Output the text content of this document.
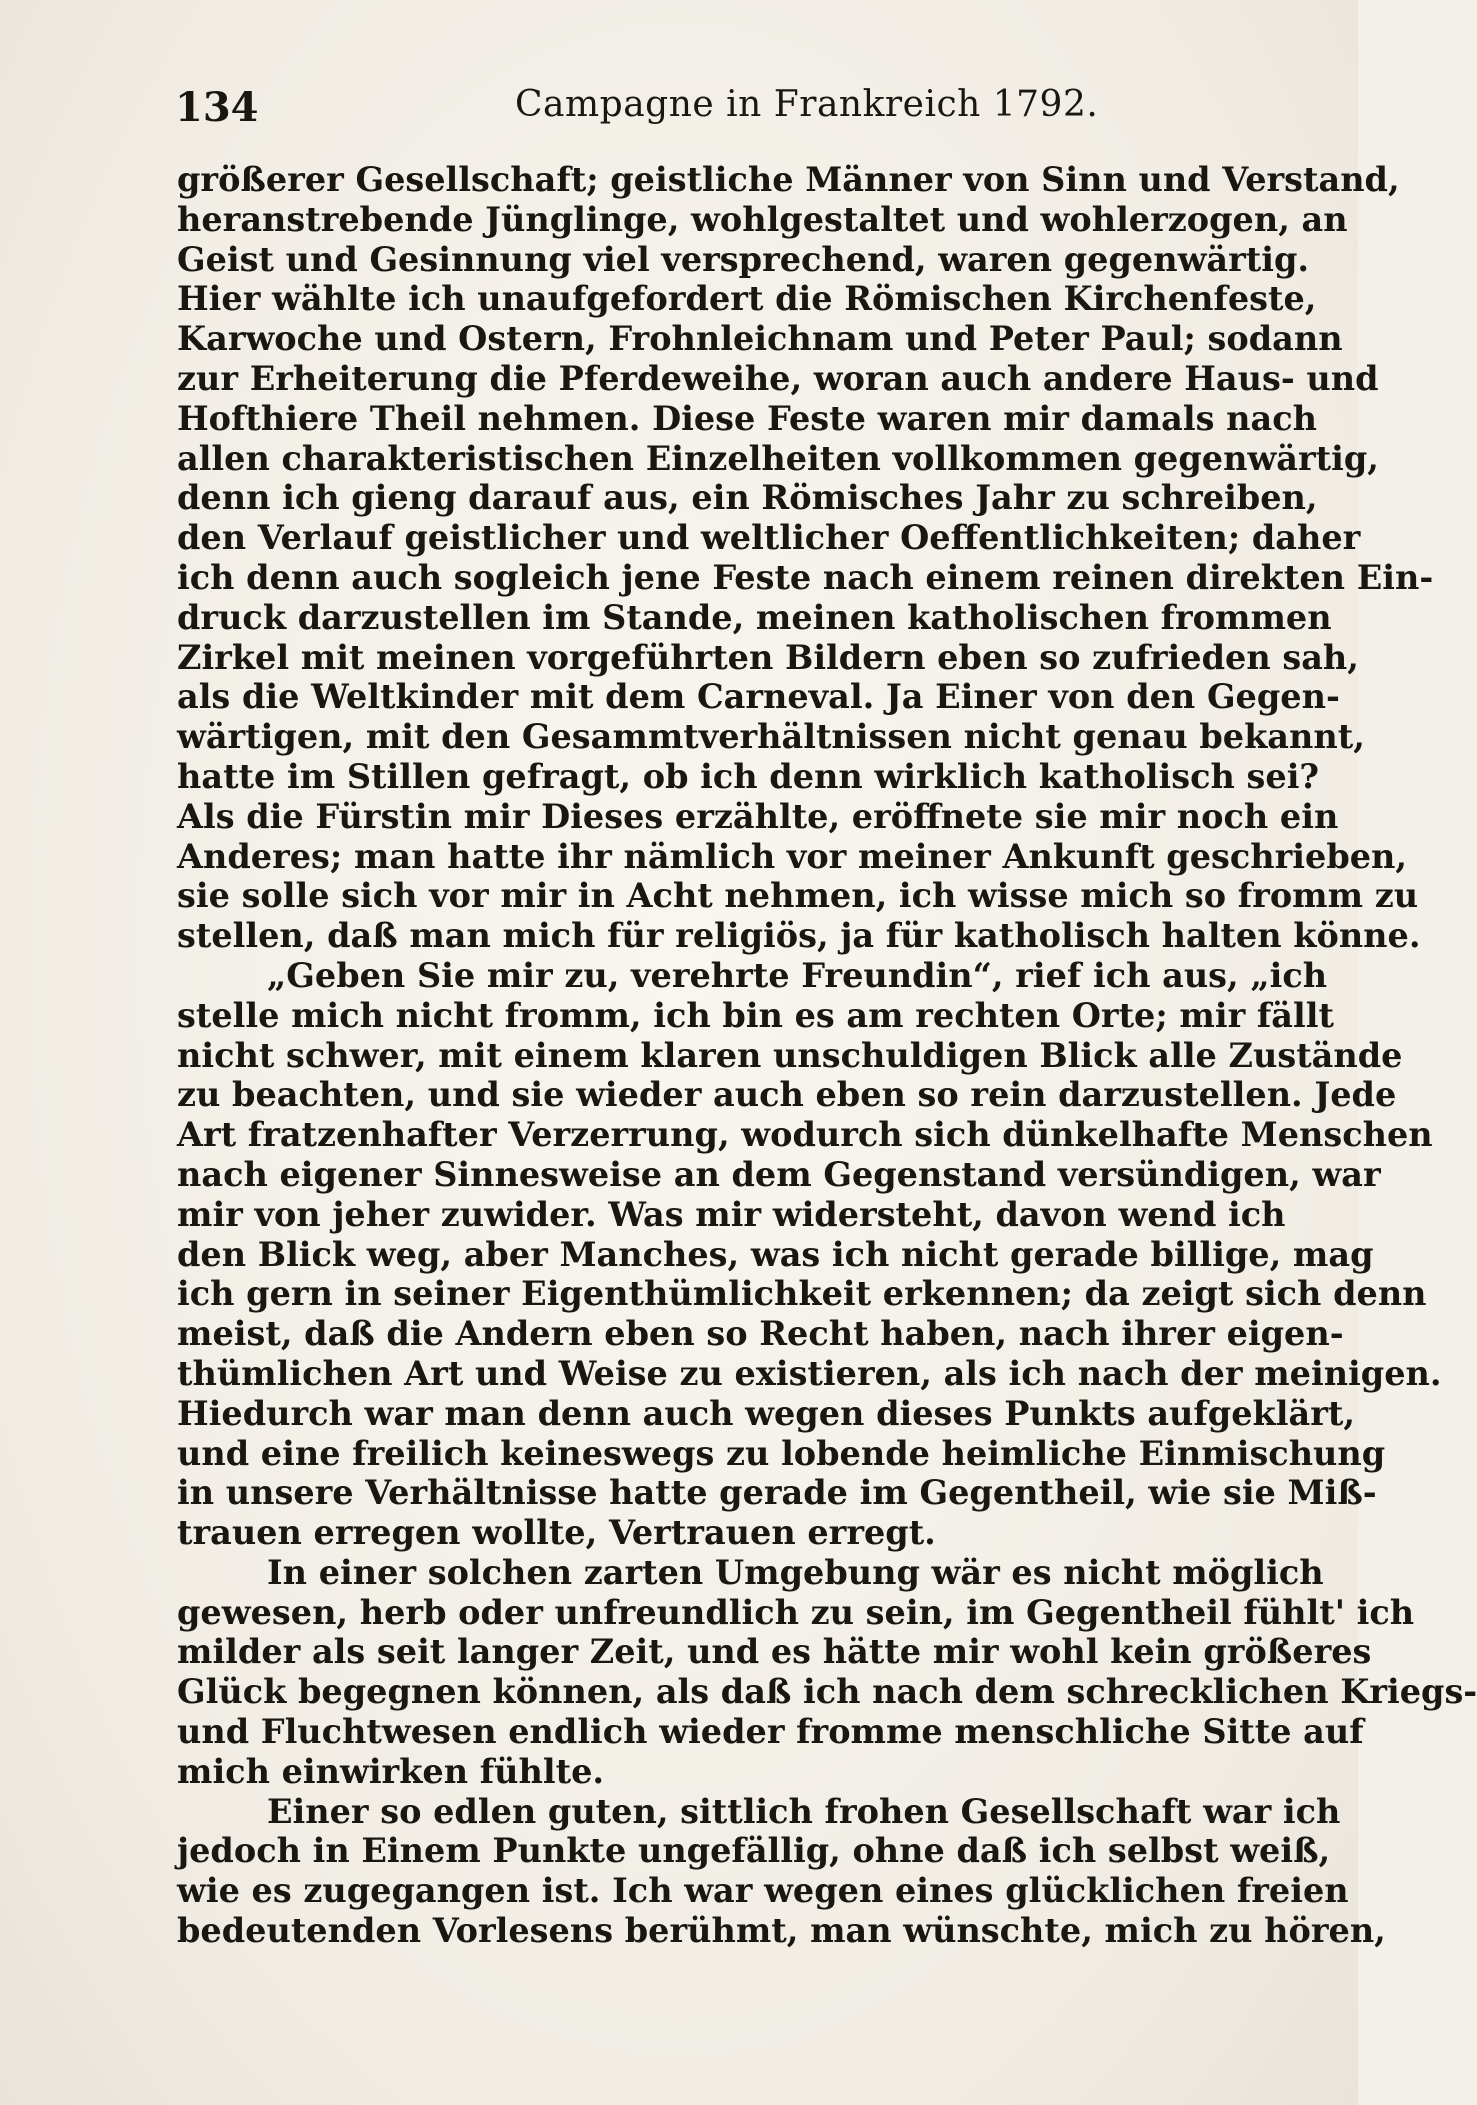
134	Campagne in Frankreich 1792.
größerer Gesellschaft; geistliche Männer von Sinn und Verstand,
heranstrebende Jünglinge, wohlgestaltet und wohlerzogen, an
Geist und Gesinnung viel versprechend, waren gegenwärtig.
Hier wählte ich unaufgefordert die Römischen Kirchenfeste,
Karwoche und Ostern, Frohnleichnam und Peter Paul; sodann
zur Erheiterung die Pferdeweihe, woran auch andere Haus- und
Hofthiere Theil nehmen. Diese Feste waren mir damals nach
allen charakteristischen Einzelheiten vollkommen gegenwärtig,
denn ich gieng darauf aus, ein Römisches Jahr zu schreiben,
den Verlauf geistlicher und weltlicher Oeffentlichkeiten; daher
ich denn auch sogleich jene Feste nach einem reinen direkten Ein-
druck darzustellen im Stande, meinen katholischen frommen
Zirkel mit meinen vorgeführten Bildern eben so zufrieden sah,
als die Weltkinder mit dem Carneval. Ja Einer von den Gegen-
wärtigen, mit den Gesammtverhältnissen nicht genau bekannt,
hatte im Stillen gefragt, ob ich denn wirklich katholisch sei?
Als die Fürstin mir Dieses erzählte, eröffnete sie mir noch ein
Anderes; man hatte ihr nämlich vor meiner Ankunft geschrieben,
sie solle sich vor mir in Acht nehmen, ich wisse mich so fromm zu
stellen, daß man mich für religiös, ja für katholisch halten könne.
„Geben Sie mir zu, verehrte Freundin“, rief ich aus, „ich
stelle mich nicht fromm, ich bin es am rechten Orte; mir fällt
nicht schwer, mit einem klaren unschuldigen Blick alle Zustände
zu beachten, und sie wieder auch eben so rein darzustellen. Jede
Art fratzenhafter Verzerrung, wodurch sich dünkelhafte Menschen
nach eigener Sinnesweise an dem Gegenstand versündigen, war
mir von jeher zuwider. Was mir widersteht, davon wend ich
den Blick weg, aber Manches, was ich nicht gerade billige, mag
ich gern in seiner Eigenthümlichkeit erkennen; da zeigt sich denn
meist, daß die Andern eben so Recht haben, nach ihrer eigen-
thümlichen Art und Weise zu existieren, als ich nach der meinigen.
Hiedurch war man denn auch wegen dieses Punkts aufgeklärt,
und eine freilich keineswegs zu lobende heimliche Einmischung
in unsere Verhältnisse hatte gerade im Gegentheil, wie sie Miß-
trauen erregen wollte, Vertrauen erregt.
In einer solchen zarten Umgebung wär es nicht möglich
gewesen, herb oder unfreundlich zu sein, im Gegentheil fühlt' ich
milder als seit langer Zeit, und es hätte mir wohl kein größeres
Glück begegnen können, als daß ich nach dem schrecklichen Kriegs-
und Fluchtwesen endlich wieder fromme menschliche Sitte auf
mich einwirken fühlte.
Einer so edlen guten, sittlich frohen Gesellschaft war ich
jedoch in Einem Punkte ungefällig, ohne daß ich selbst weiß,
wie es zugegangen ist. Ich war wegen eines glücklichen freien
bedeutenden Vorlesens berühmt, man wünschte, mich zu hören,
